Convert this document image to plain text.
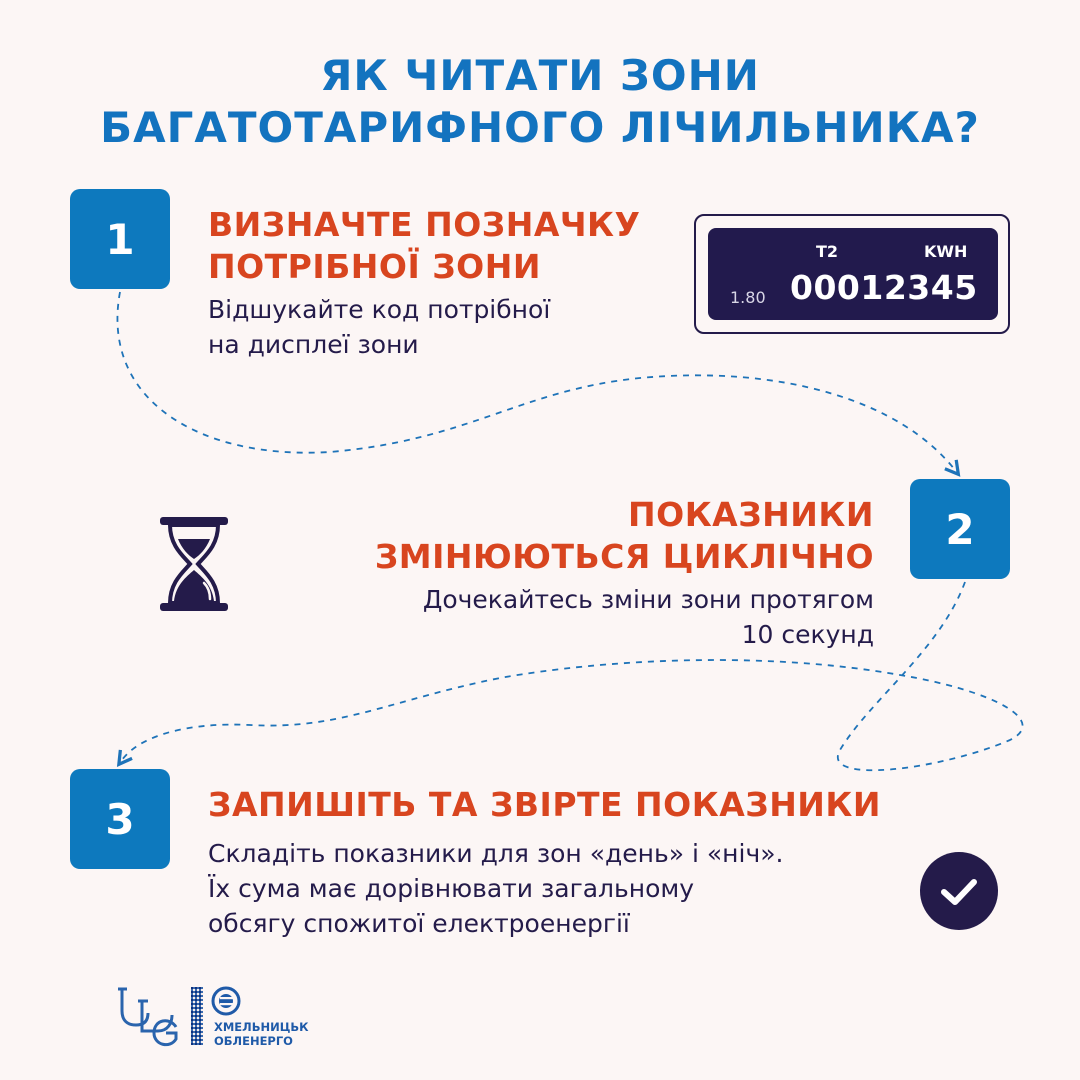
ЯК ЧИТАТИ ЗОНИ
БАГАТОТАРИФНОГО ЛІЧИЛЬНИКА?
1	ВИЗНАЧТЕ ПОЗНАЧКУ
ПОТРІБНОЇ ЗОНИ
Відшукайте код потрібної
на дисплеї зони
T2	KWH
1.80 00012345
2
ПОКАЗНИКИ
ЗМІНЮЮТЬСЯ ЦИКЛІЧНО
Дочекайтесь зміни зони протягом
10 секунд
3	ЗАПИШІТЬ ТА ЗВІРТЕ ПОКАЗНИКИ
Складіть показники для зон «день» і «ніч».
Їх сума має дорівнювати загальному
обсягу спожитої електроенергії
ХМЕЛЬНИЦЬК
ОБЛЕНЕРГО
